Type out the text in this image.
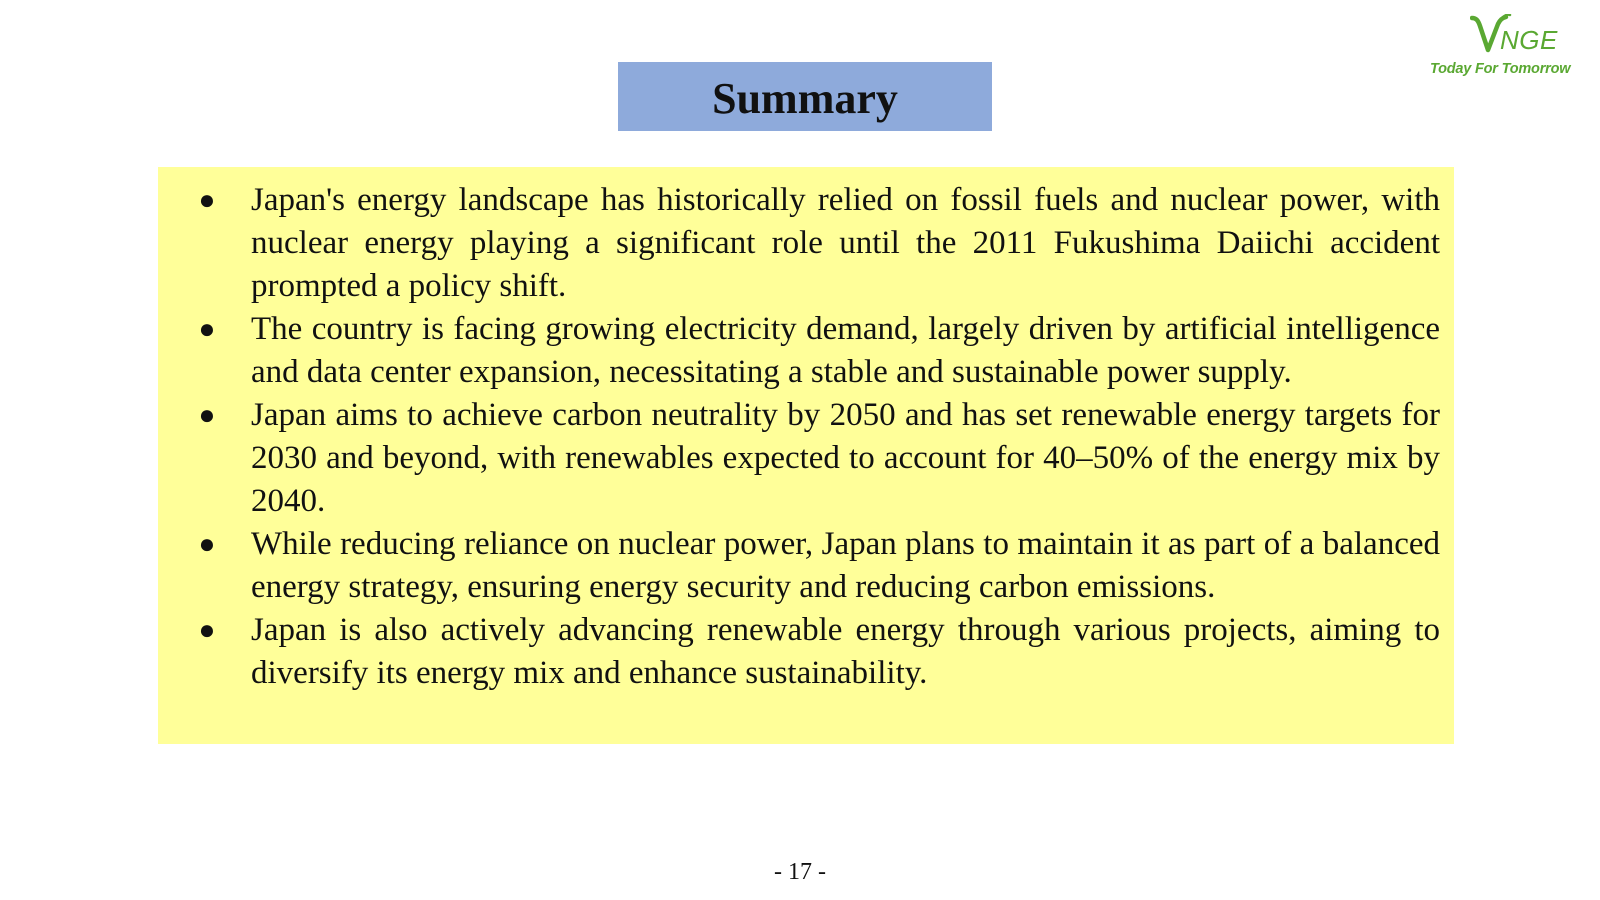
NGE
Today For Tomorrow
Summary
● Japan's energy landscape has historically relied on fossil fuels and nuclear power, with nuclear energy playing a significant role until the 2011 Fukushima Daiichi accident prompted a policy shift.
● The country is facing growing electricity demand, largely driven by artificial intelligence and data center expansion, necessitating a stable and sustainable power supply.
● Japan aims to achieve carbon neutrality by 2050 and has set renewable energy targets for 2030 and beyond, with renewables expected to account for 40–50% of the energy mix by 2040.
● While reducing reliance on nuclear power, Japan plans to maintain it as part of a balanced energy strategy, ensuring energy security and reducing carbon emissions.
● Japan is also actively advancing renewable energy through various projects, aiming to diversify its energy mix and enhance sustainability.
- 17 -
